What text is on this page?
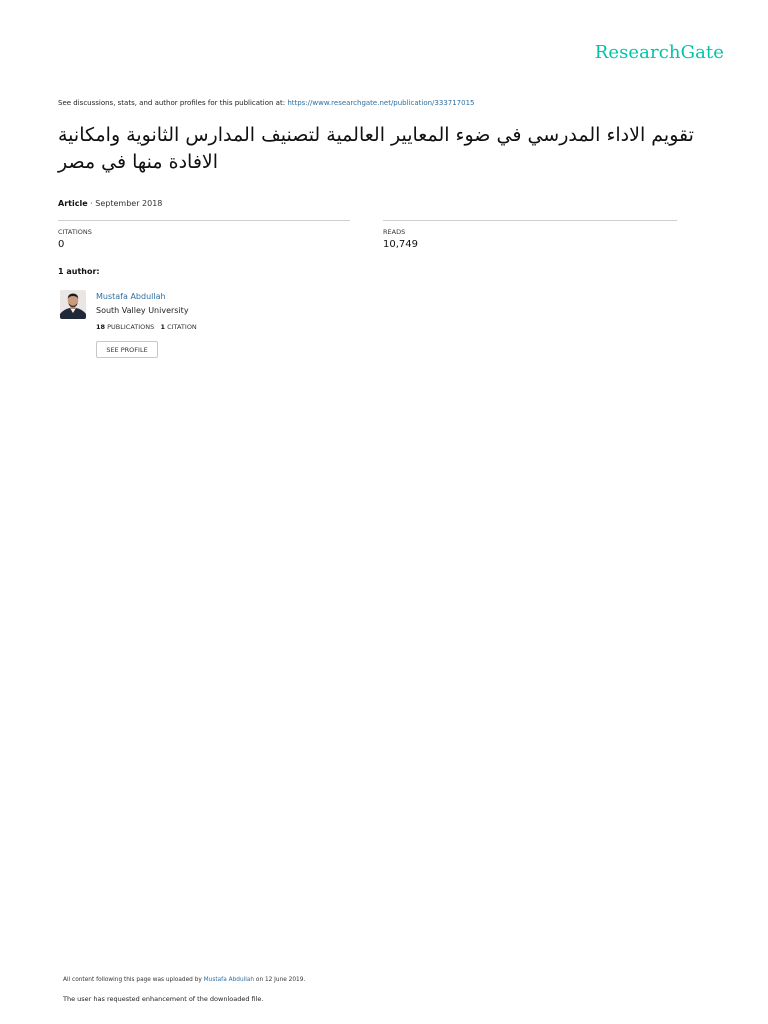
ResearchGate
See discussions, stats, and author profiles for this publication at: https://www.researchgate.net/publication/333717015
تقويم الاداء المدرسي في ضوء المعايير العالمية لتصنيف المدارس الثانوية وامكانية الافادة منها في مصر
Article · September 2018
CITATIONS
0
READS
10,749
1 author:
Mustafa Abdullah
South Valley University
18 PUBLICATIONS 1 CITATION
SEE PROFILE
All content following this page was uploaded by Mustafa Abdullah on 12 June 2019.
The user has requested enhancement of the downloaded file.
